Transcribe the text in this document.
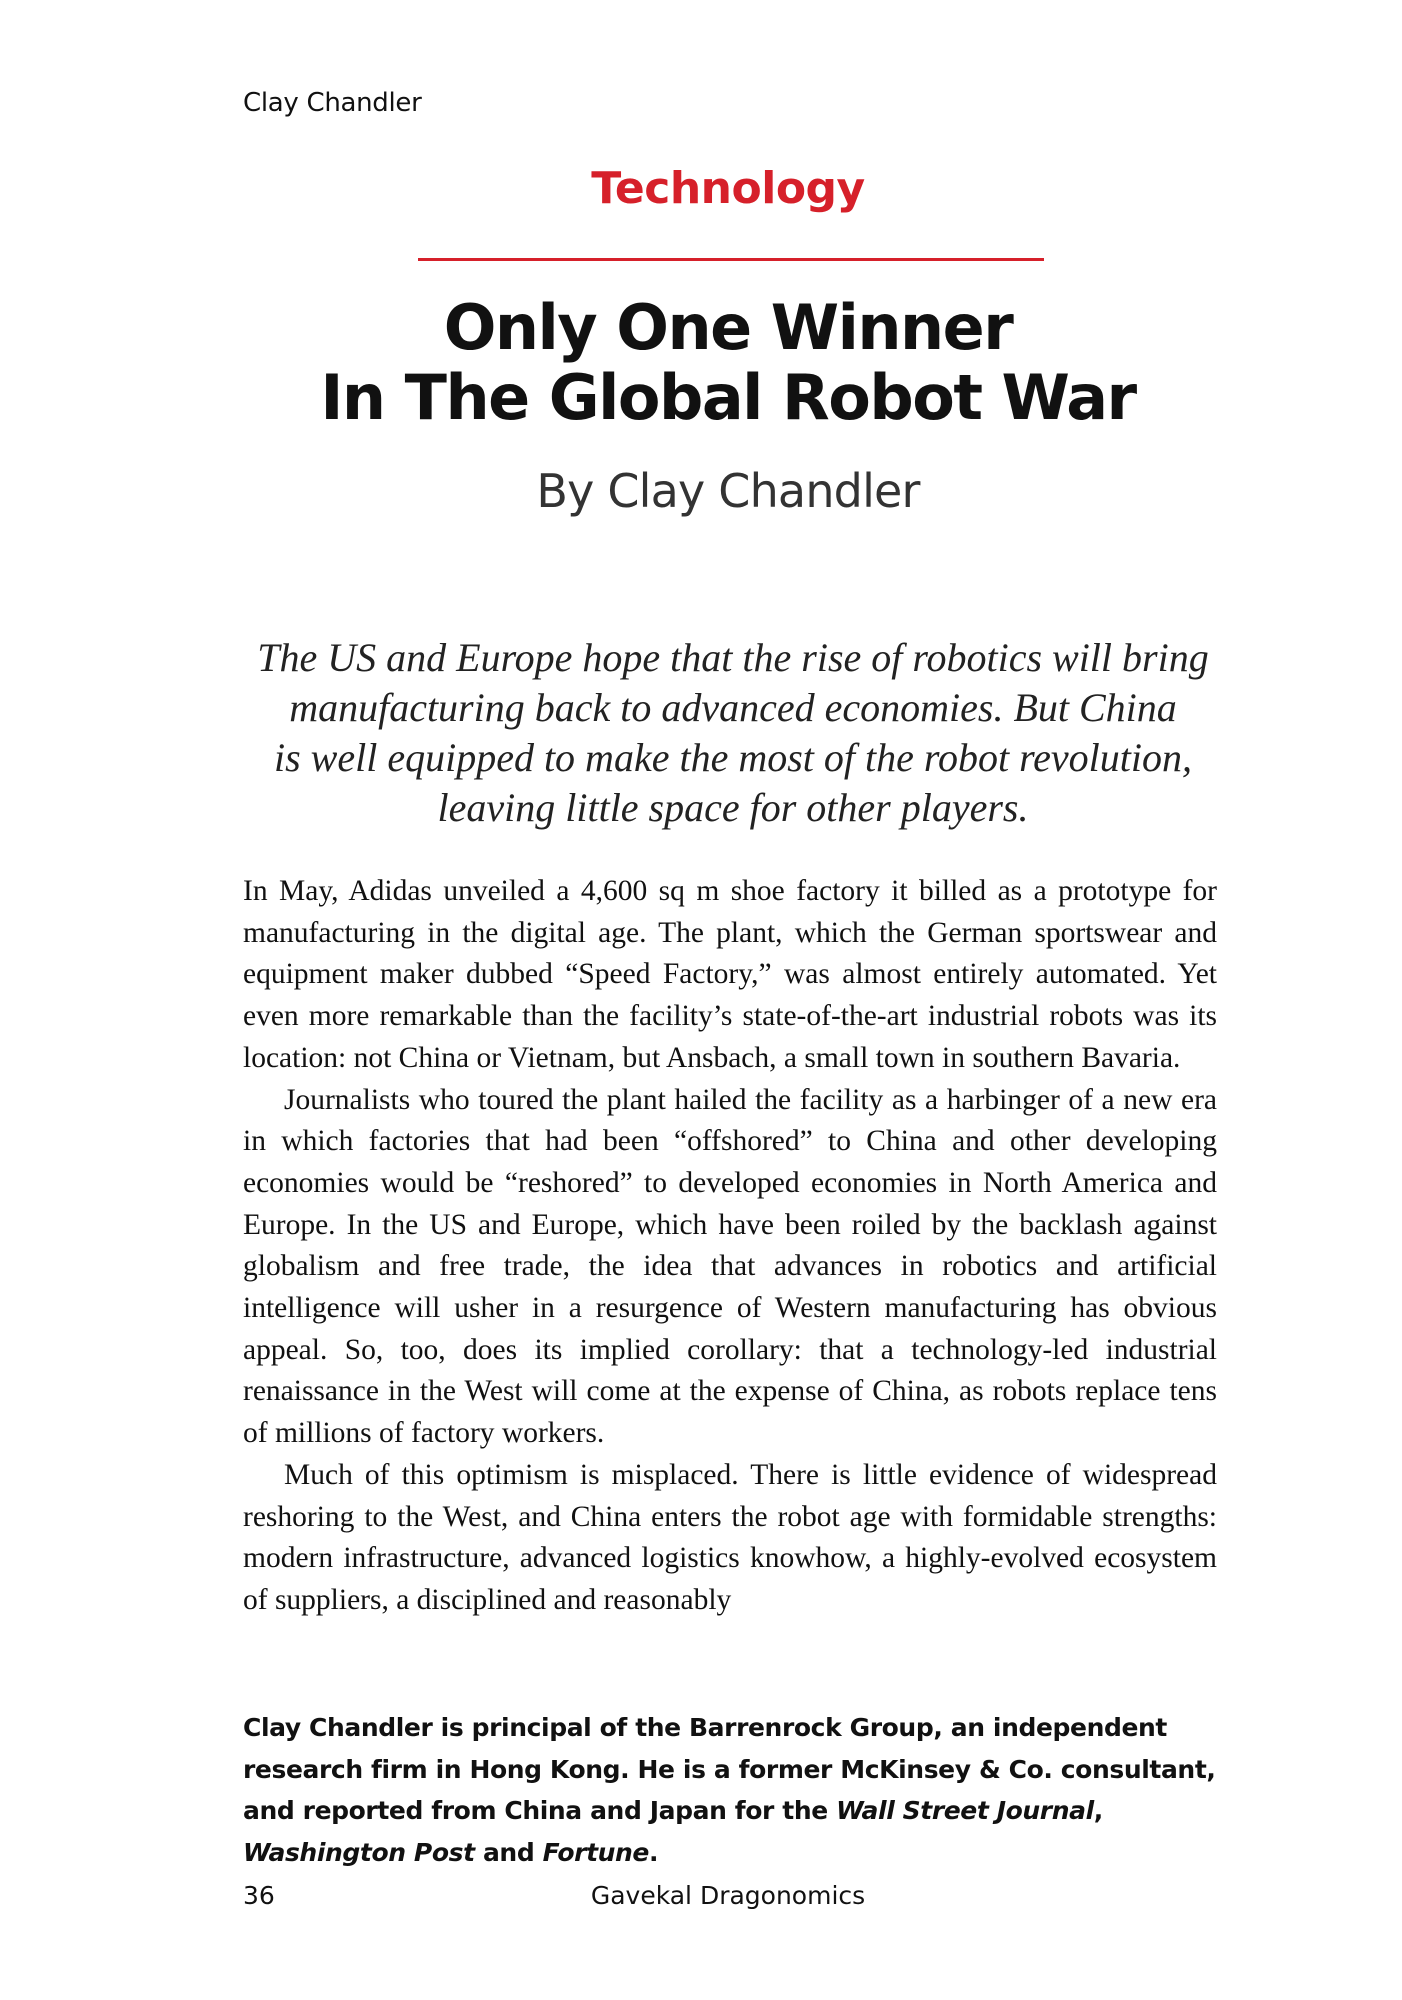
Clay Chandler
Technology
Only One Winner
In The Global Robot War
By Clay Chandler
The US and Europe hope that the rise of robotics will bring
manufacturing back to advanced economies. But China
is well equipped to make the most of the robot revolution,
leaving little space for other players.

In May, Adidas unveiled a 4,600 sq m shoe factory it billed as a prototype for manufacturing in the digital age. The plant, which the German sportswear and equipment maker dubbed “Speed Factory,” was almost entirely automated. Yet even more remarkable than the facility’s state-of-the-art industrial robots was its location: not China or Vietnam, but Ansbach, a small town in southern Bavaria.

Journalists who toured the plant hailed the facility as a harbinger of a new era in which factories that had been “offshored” to China and other developing economies would be “reshored” to developed economies in North America and Europe. In the US and Europe, which have been roiled by the backlash against globalism and free trade, the idea that advances in robotics and artificial intelligence will usher in a resurgence of Western manufacturing has obvious appeal. So, too, does its implied corollary: that a technology-led industrial renaissance in the West will come at the expense of China, as robots replace tens of millions of factory workers.

Much of this optimism is misplaced. There is little evidence of widespread reshoring to the West, and China enters the robot age with formidable strengths: modern infrastructure, advanced logistics knowhow, a highly-evolved ecosystem of suppliers, a disciplined and reasonably

Clay Chandler is principal of the Barrenrock Group, an independent research firm in Hong Kong. He is a former McKinsey & Co. consultant, and reported from China and Japan for the Wall Street Journal, Washington Post and Fortune.
36	Gavekal Dragonomics
